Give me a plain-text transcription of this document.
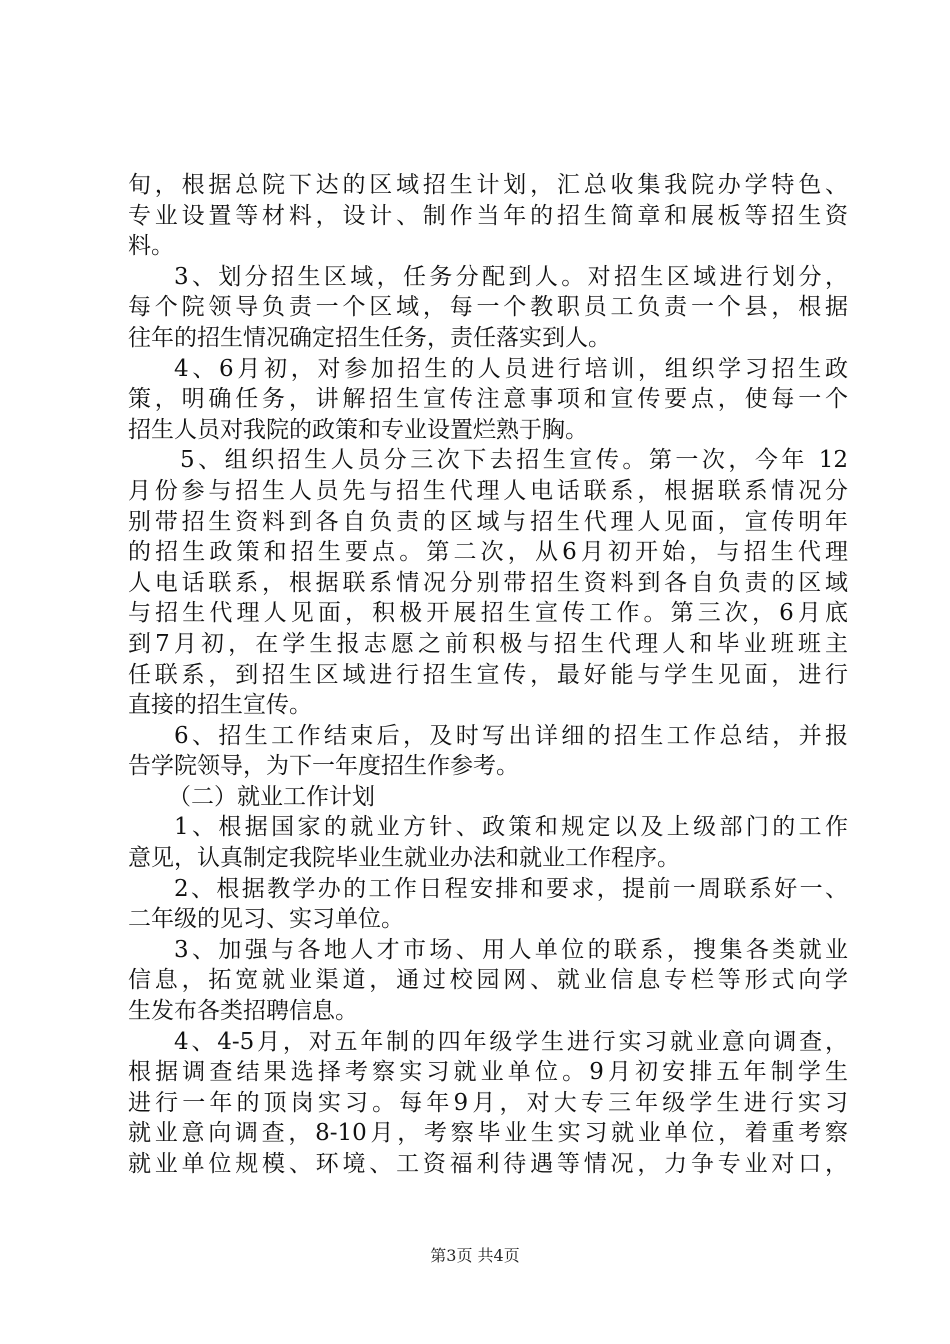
旬，根据总院下达的区域招生计划，汇总收集我院办学特色、
专业设置等材料，设计、制作当年的招生简章和展板等招生资
料。
3、划分招生区域，任务分配到人。对招生区域进行划分，
每个院领导负责一个区域，每一个教职员工负责一个县，根据
往年的招生情况确定招生任务，责任落实到人。
4、6月初，对参加招生的人员进行培训，组织学习招生政
策，明确任务，讲解招生宣传注意事项和宣传要点，使每一个
招生人员对我院的政策和专业设置烂熟于胸。
5、组织招生人员分三次下去招生宣传。第一次，今年 12
月份参与招生人员先与招生代理人电话联系，根据联系情况分
别带招生资料到各自负责的区域与招生代理人见面，宣传明年
的招生政策和招生要点。第二次，从6月初开始，与招生代理
人电话联系，根据联系情况分别带招生资料到各自负责的区域
与招生代理人见面，积极开展招生宣传工作。第三次，6月底
到7月初，在学生报志愿之前积极与招生代理人和毕业班班主
任联系，到招生区域进行招生宣传，最好能与学生见面，进行
直接的招生宣传。
6、招生工作结束后，及时写出详细的招生工作总结，并报
告学院领导，为下一年度招生作参考。
（二）就业工作计划
1、根据国家的就业方针、政策和规定以及上级部门的工作
意见，认真制定我院毕业生就业办法和就业工作程序。
2、根据教学办的工作日程安排和要求，提前一周联系好一、
二年级的见习、实习单位。
3、加强与各地人才市场、用人单位的联系，搜集各类就业
信息，拓宽就业渠道，通过校园网、就业信息专栏等形式向学
生发布各类招聘信息。
4、4-5月，对五年制的四年级学生进行实习就业意向调查，
根据调查结果选择考察实习就业单位。9月初安排五年制学生
进行一年的顶岗实习。每年9月，对大专三年级学生进行实习
就业意向调查，8-10月，考察毕业生实习就业单位，着重考察
就业单位规模、环境、工资福利待遇等情况，力争专业对口，
第3页 共4页
